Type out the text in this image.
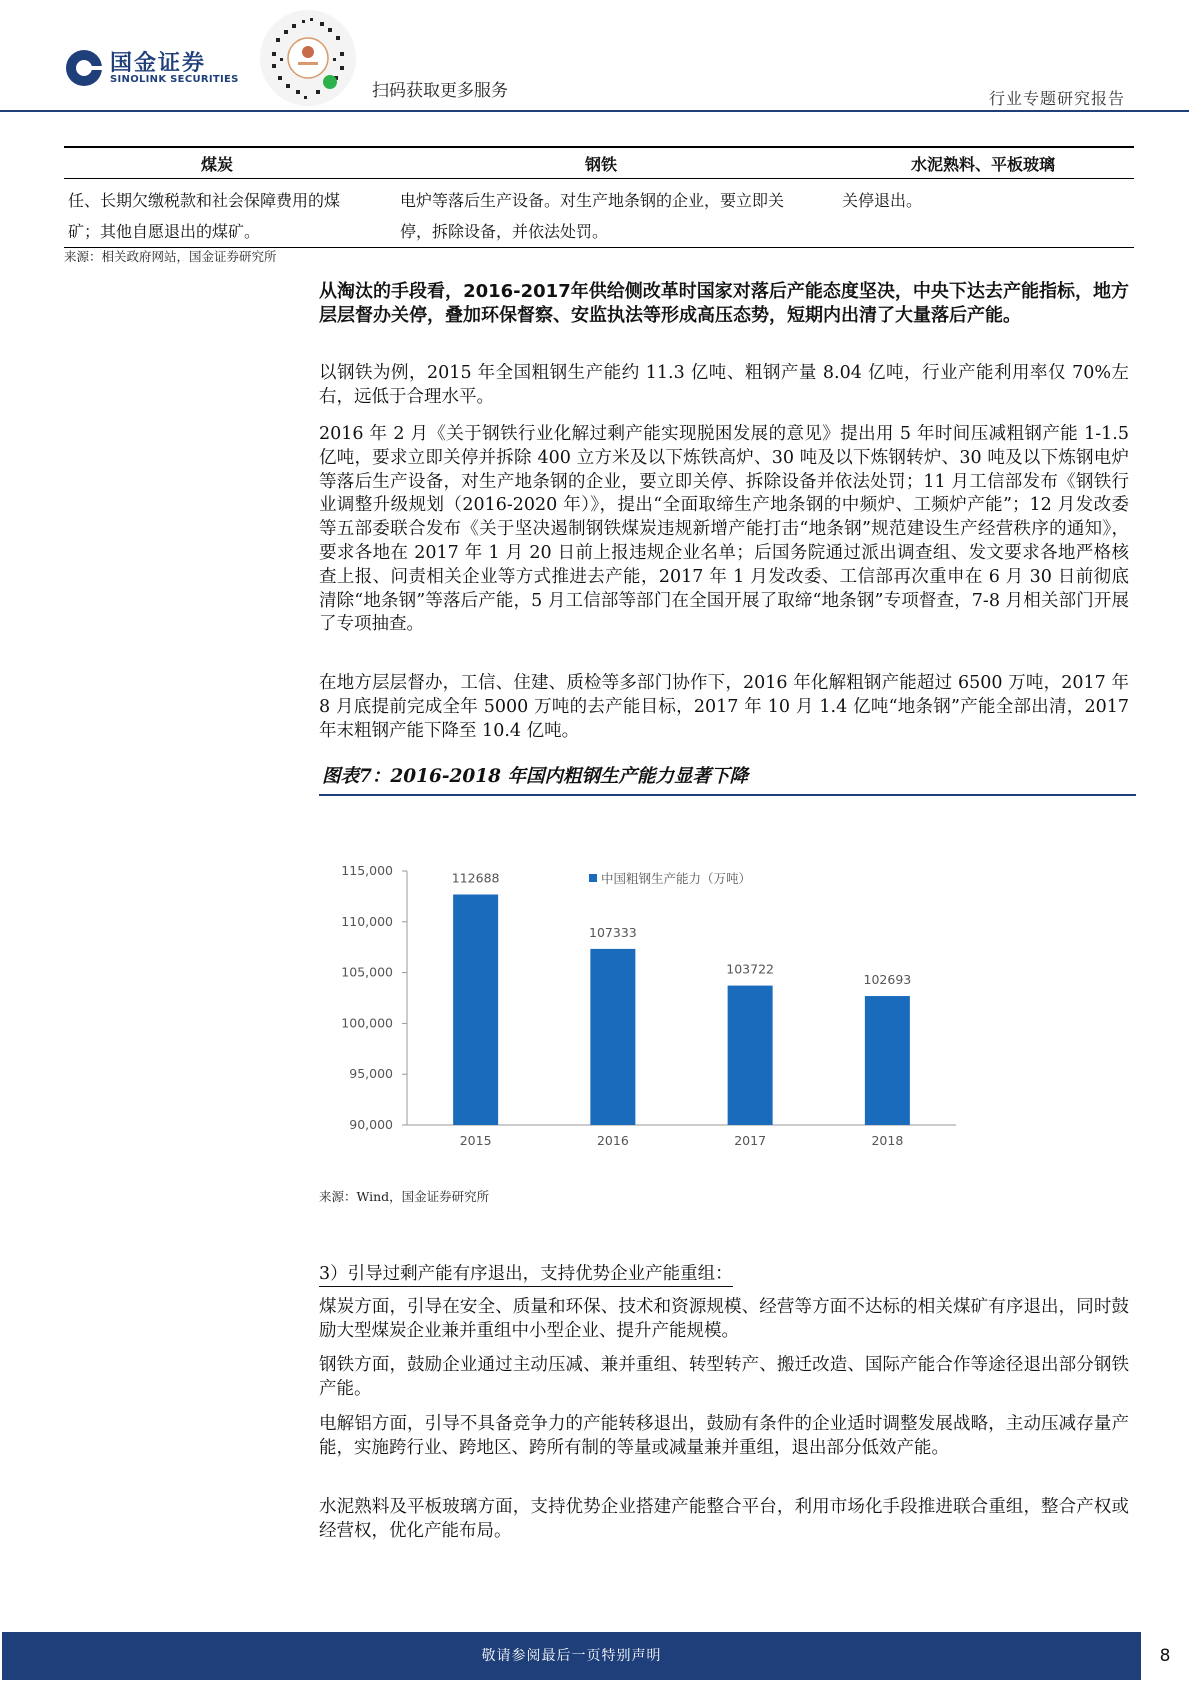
国金证券
SINOLINK SECURITIES
扫码获取更多服务	行业专题研究报告
煤炭	钢铁	水泥熟料、平板玻璃
任、长期欠缴税款和社会保障费用的煤矿；其他自愿退出的煤矿。	电炉等落后生产设备。对生产地条钢的企业，要立即关停，拆除设备，并依法处罚。	关停退出。
来源：相关政府网站，国金证券研究所
从淘汰的手段看，2016-2017年供给侧改革时国家对落后产能态度坚决，中央下达去产能指标，地方层层督办关停，叠加环保督察、安监执法等形成高压态势，短期内出清了大量落后产能。
以钢铁为例，2015 年全国粗钢生产能约 11.3 亿吨、粗钢产量 8.04 亿吨，行业产能利用率仅 70%左右，远低于合理水平。
2016 年 2 月《关于钢铁行业化解过剩产能实现脱困发展的意见》提出用 5 年时间压减粗钢产能 1-1.5 亿吨，要求立即关停并拆除 400 立方米及以下炼铁高炉、30 吨及以下炼钢转炉、30 吨及以下炼钢电炉等落后生产设备，对生产地条钢的企业，要立即关停、拆除设备并依法处罚；11 月工信部发布《钢铁行业调整升级规划（2016-2020 年）》，提出“全面取缔生产地条钢的中频炉、工频炉产能”；12 月发改委等五部委联合发布《关于坚决遏制钢铁煤炭违规新增产能打击“地条钢”规范建设生产经营秩序的通知》，要求各地在 2017 年 1 月 20 日前上报违规企业名单；后国务院通过派出调查组、发文要求各地严格核查上报、问责相关企业等方式推进去产能，2017 年 1 月发改委、工信部再次重申在 6 月 30 日前彻底清除“地条钢”等落后产能，5 月工信部等部门在全国开展了取缔“地条钢”专项督查，7-8 月相关部门开展了专项抽查。
在地方层层督办，工信、住建、质检等多部门协作下，2016 年化解粗钢产能超过 6500 万吨，2017 年 8 月底提前完成全年 5000 万吨的去产能目标，2017 年 10 月 1.4 亿吨“地条钢”产能全部出清，2017 年末粗钢产能下降至 10.4 亿吨。
图表7：2016-2018 年国内粗钢生产能力显著下降
中国粗钢生产能力（万吨）
90,000
95,000
100,000
105,000
110,000
115,000	112688
2015
107333
2016
103722
2017
102693
2018
来源：Wind，国金证券研究所
3）引导过剩产能有序退出，支持优势企业产能重组：
煤炭方面，引导在安全、质量和环保、技术和资源规模、经营等方面不达标的相关煤矿有序退出，同时鼓励大型煤炭企业兼并重组中小型企业、提升产能规模。
钢铁方面，鼓励企业通过主动压减、兼并重组、转型转产、搬迁改造、国际产能合作等途径退出部分钢铁产能。
电解铝方面，引导不具备竞争力的产能转移退出，鼓励有条件的企业适时调整发展战略，主动压减存量产能，实施跨行业、跨地区、跨所有制的等量或减量兼并重组，退出部分低效产能。
水泥熟料及平板玻璃方面，支持优势企业搭建产能整合平台，利用市场化手段推进联合重组，整合产权或经营权，优化产能布局。
敬请参阅最后一页特别声明	8
